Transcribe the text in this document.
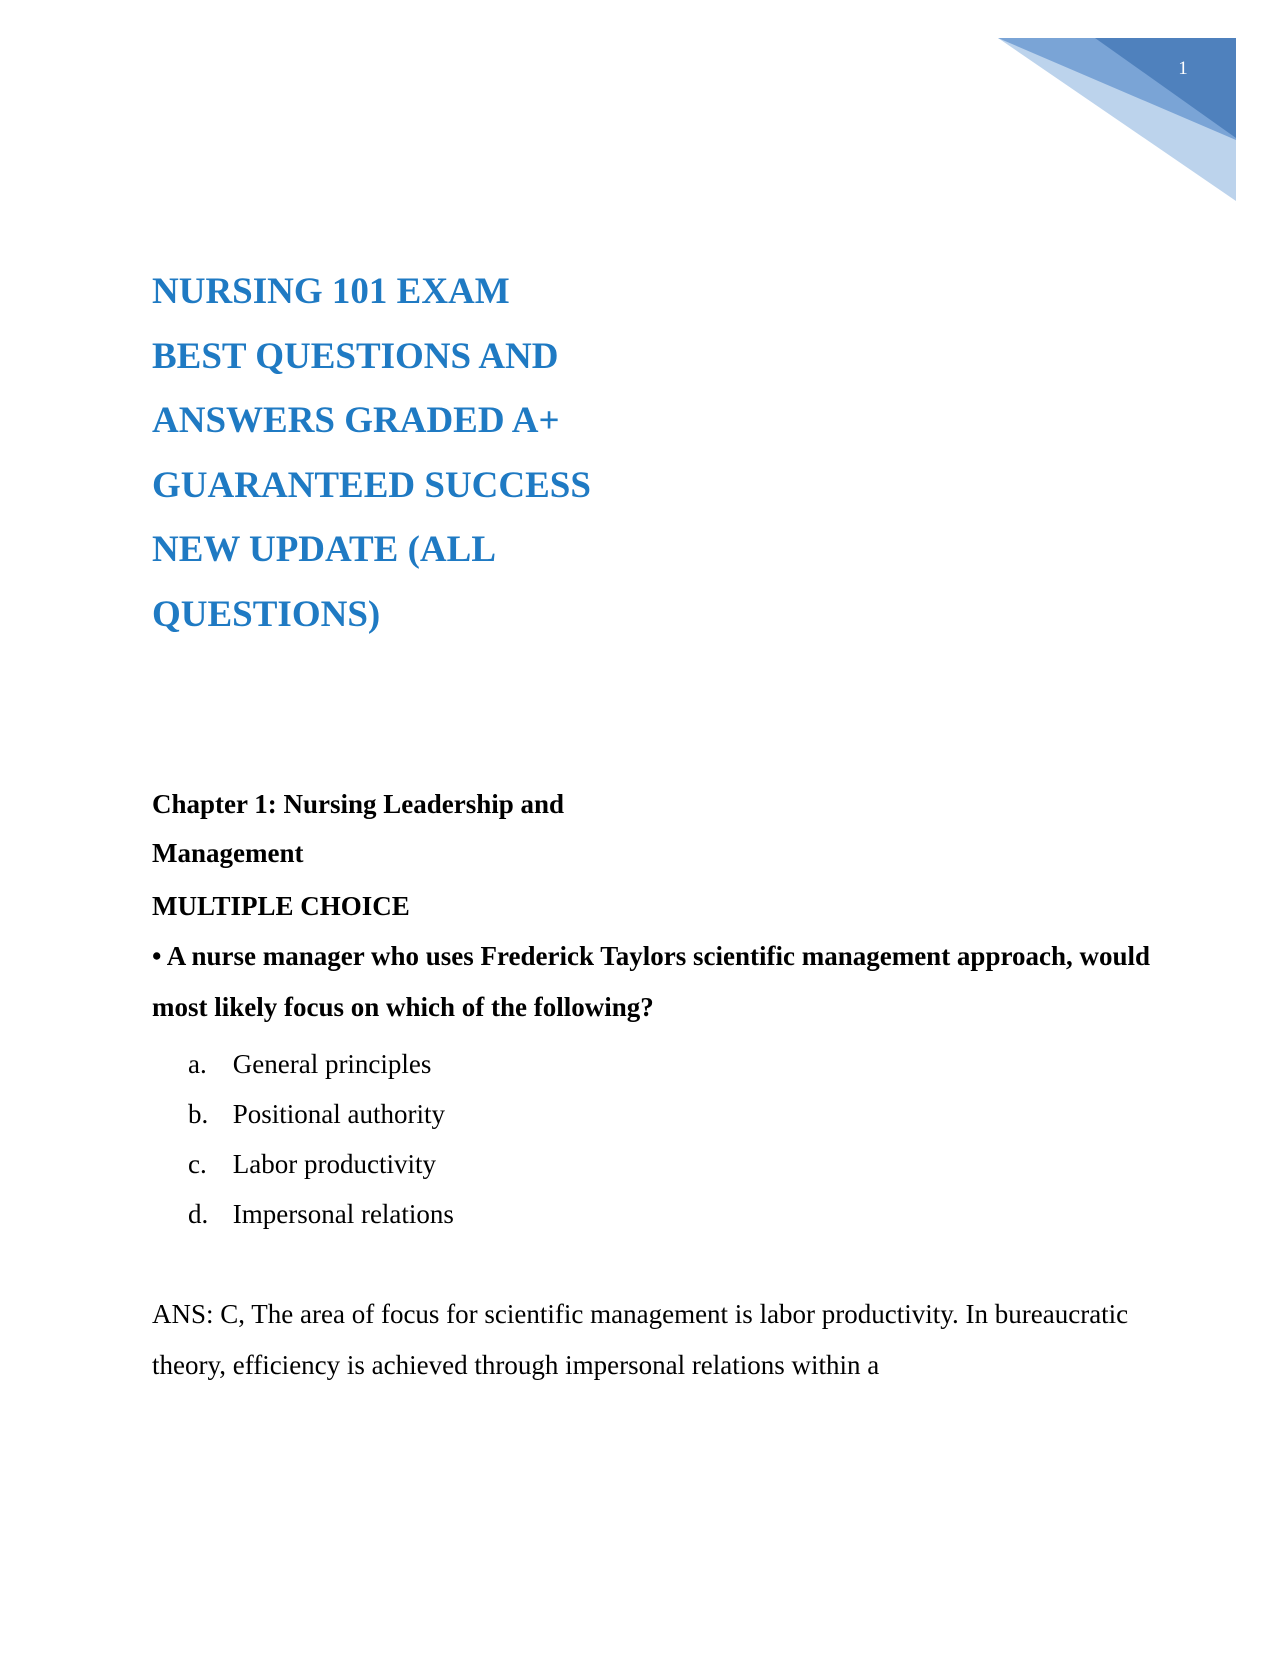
1
NURSING 101 EXAM
BEST QUESTIONS AND
ANSWERS GRADED A+
GUARANTEED SUCCESS
NEW UPDATE (ALL
QUESTIONS)
Chapter 1: Nursing Leadership and
Management
MULTIPLE CHOICE

• A nurse manager who uses Frederick Taylors scientific management approach, would most likely focus on which of the following?

a. General principles
b. Positional authority
c. Labor productivity
d. Impersonal relations

ANS: C, The area of focus for scientific management is labor productivity. In bureaucratic theory, efficiency is achieved through impersonal relations within a
